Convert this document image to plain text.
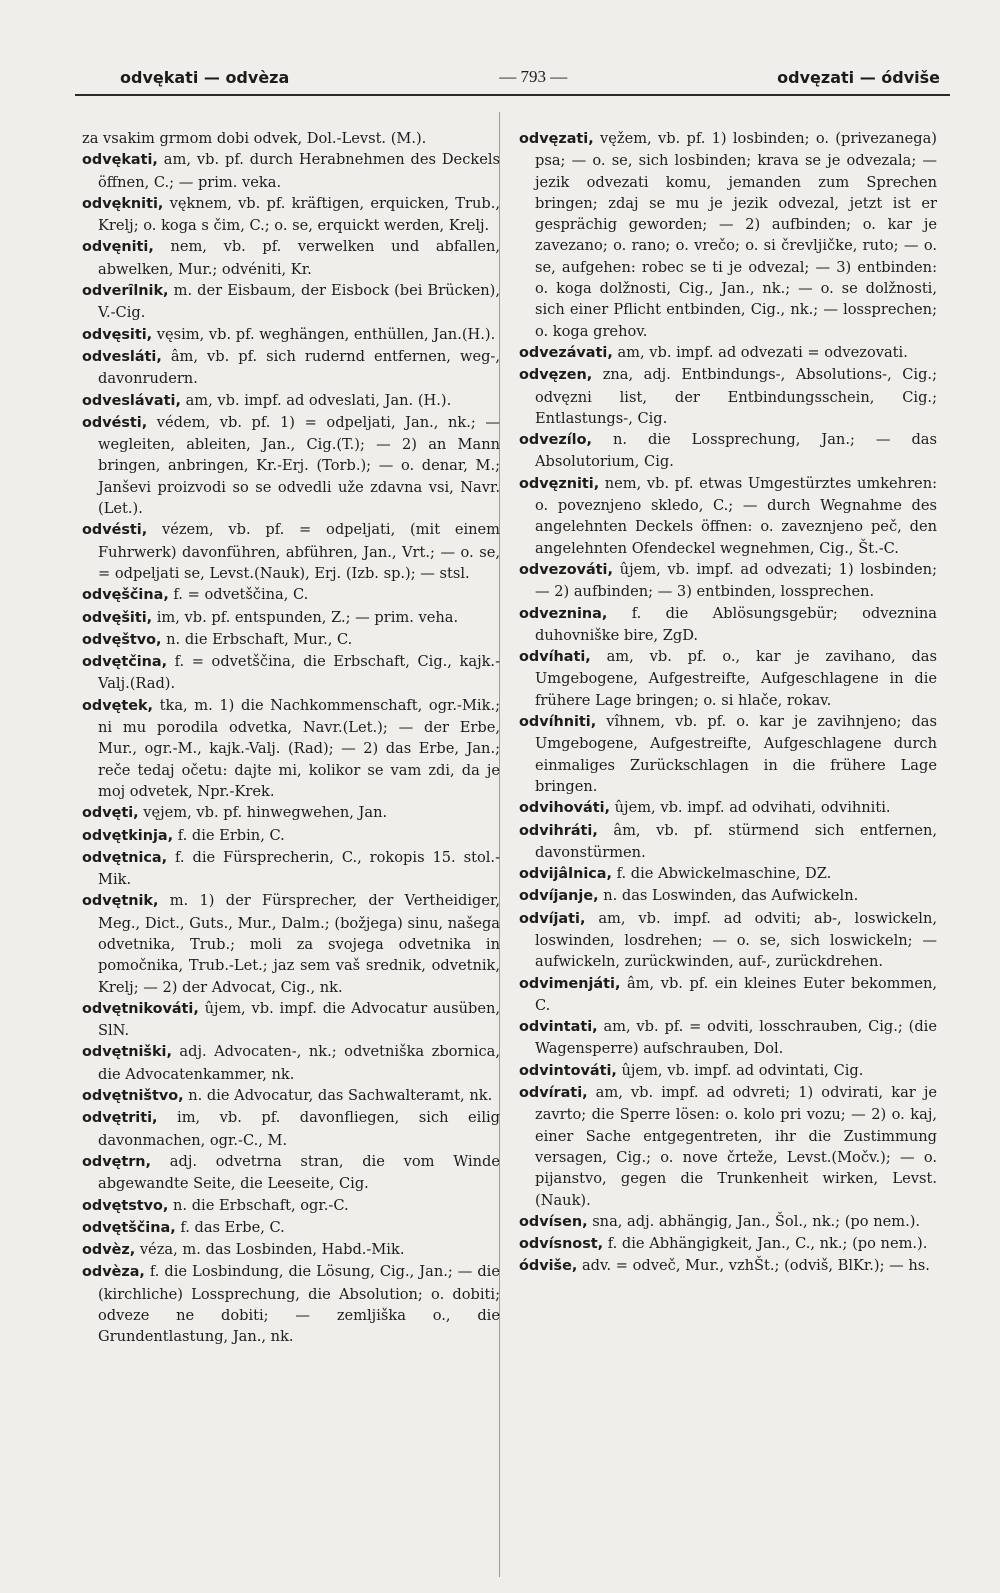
odvękati — odvèza	— 793 —	odvęzati — ódviše

za vsakim grmom dobi odvek, Dol.-Levst. (M.).

odvękati, am, vb. pf. durch Herabnehmen des Deckels öffnen, C.; — prim. veka.

odvękniti, vęknem, vb. pf. kräftigen, erquicken, Trub., Krelj; o. koga s čim, C.; o. se, erquickt werden, Krelj.

odvęniti, nem, vb. pf. verwelken und abfallen, abwelken, Mur.; odvéniti, Kr.

odverȋlnik, m. der Eisbaum, der Eisbock (bei Brücken), V.-Cig.

odvęsiti, vęsim, vb. pf. weghängen, enthüllen, Jan.(H.).

odvesláti, âm, vb. pf. sich rudernd entfernen, weg-, davonrudern.

odveslávati, am, vb. impf. ad odveslati, Jan. (H.).

odvésti, védem, vb. pf. 1) = odpeljati, Jan., nk.; — wegleiten, ableiten, Jan., Cig.(T.); — 2) an Mann bringen, anbringen, Kr.-Erj. (Torb.); — o. denar, M.; Janševi proizvodi so se odvedli uže zdavna vsi, Navr.(Let.).

odvésti, vézem, vb. pf. = odpeljati, (mit einem Fuhrwerk) davonführen, abführen, Jan., Vrt.; — o. se, = odpeljati se, Levst.(Nauk), Erj. (Izb. sp.); — stsl.

odvęščina, f. = odvetščina, C.

odvęšiti, im, vb. pf. entspunden, Z.; — prim. veha.

odvęštvo, n. die Erbschaft, Mur., C.

odvętčina, f. = odvetščina, die Erbschaft, Cig., kajk.-Valj.(Rad).

odvętek, tka, m. 1) die Nachkommenschaft, ogr.-Mik.; ni mu porodila odvetka, Navr.(Let.); — der Erbe, Mur., ogr.-M., kajk.-Valj. (Rad); — 2) das Erbe, Jan.; reče tedaj očetu: dajte mi, kolikor se vam zdi, da je moj odvetek, Npr.-Krek.

odvęti, vęjem, vb. pf. hinwegwehen, Jan.

odvętkinja, f. die Erbin, C.

odvętnica, f. die Fürsprecherin, C., rokopis 15. stol.-Mik.

odvętnik, m. 1) der Fürsprecher, der Vertheidiger, Meg., Dict., Guts., Mur., Dalm.; (božjega) sinu, našega odvetnika, Trub.; moli za svojega odvetnika in pomočnika, Trub.-Let.; jaz sem vaš srednik, odvetnik, Krelj; — 2) der Advocat, Cig., nk.

odvętnikováti, ûjem, vb. impf. die Advocatur ausüben, SlN.

odvętniški, adj. Advocaten-, nk.; odvetniška zbornica, die Advocatenkammer, nk.

odvętništvo, n. die Advocatur, das Sachwalteramt, nk.

odvętriti, im, vb. pf. davonfliegen, sich eilig davonmachen, ogr.-C., M.

odvętrn, adj. odvetrna stran, die vom Winde abgewandte Seite, die Leeseite, Cig.

odvętstvo, n. die Erbschaft, ogr.-C.

odvętščina, f. das Erbe, C.

odvèz, véza, m. das Losbinden, Habd.-Mik.

odvèza, f. die Losbindung, die Lösung, Cig., Jan.; — die (kirchliche) Lossprechung, die Absolution; o. dobiti; odveze ne dobiti; — zemljiška o., die Grundentlastung, Jan., nk.

odvęzati, vęžem, vb. pf. 1) losbinden; o. (privezanega) psa; — o. se, sich losbinden; krava se je odvezala; — jezik odvezati komu, jemanden zum Sprechen bringen; zdaj se mu je jezik odvezal, jetzt ist er gesprächig geworden; — 2) aufbinden; o. kar je zavezano; o. rano; o. vrečo; o. si črevljičke, ruto; — o. se, aufgehen: robec se ti je odvezal; — 3) entbinden: o. koga dolžnosti, Cig., Jan., nk.; — o. se dolžnosti, sich einer Pflicht entbinden, Cig., nk.; — lossprechen; o. koga grehov.

odvezávati, am, vb. impf. ad odvezati = odvezovati.

odvęzen, zna, adj. Entbindungs-, Absolutions-, Cig.; odvęzni list, der Entbindungsschein, Cig.; Entlastungs-, Cig.

odvezílo, n. die Lossprechung, Jan.; — das Absolutorium, Cig.

odvęzniti, nem, vb. pf. etwas Umgestürztes umkehren: o. poveznjeno skledo, C.; — durch Wegnahme des angelehnten Deckels öffnen: o. zaveznjeno peč, den angelehnten Ofendeckel wegnehmen, Cig., Št.-C.

odvezováti, ûjem, vb. impf. ad odvezati; 1) losbinden; — 2) aufbinden; — 3) entbinden, lossprechen.

odveznina, f. die Ablösungsgebür; odveznina duhovniške bire, ZgD.

odvíhati, am, vb. pf. o., kar je zavihano, das Umgebogene, Aufgestreifte, Aufgeschlagene in die frühere Lage bringen; o. si hlače, rokav.

odvíhniti, vîhnem, vb. pf. o. kar je zavihnjeno; das Umgebogene, Aufgestreifte, Aufgeschlagene durch einmaliges Zurückschlagen in die frühere Lage bringen.

odvihováti, ûjem, vb. impf. ad odvihati, odvihniti.

odvihráti, âm, vb. pf. stürmend sich entfernen, davonstürmen.

odvijâlnica, f. die Abwickelmaschine, DZ.

odvíjanje, n. das Loswinden, das Aufwickeln.

odvíjati, am, vb. impf. ad odviti; ab-, loswickeln, loswinden, losdrehen; — o. se, sich loswickeln; — aufwickeln, zurückwinden, auf-, zurückdrehen.

odvimenjáti, âm, vb. pf. ein kleines Euter bekommen, C.

odvintati, am, vb. pf. = odviti, losschrauben, Cig.; (die Wagensperre) aufschrauben, Dol.

odvintováti, ûjem, vb. impf. ad odvintati, Cig.

odvírati, am, vb. impf. ad odvreti; 1) odvirati, kar je zavrto; die Sperre lösen: o. kolo pri vozu; — 2) o. kaj, einer Sache entgegentreten, ihr die Zustimmung versagen, Cig.; o. nove črteže, Levst.(Močv.); — o. pijanstvo, gegen die Trunkenheit wirken, Levst. (Nauk).

odvísen, sna, adj. abhängig, Jan., Šol., nk.; (po nem.).

odvísnost, f. die Abhängigkeit, Jan., C., nk.; (po nem.).

ódviše, adv. = odveč, Mur., vzhŠt.; (odviš, BlKr.); — hs.
